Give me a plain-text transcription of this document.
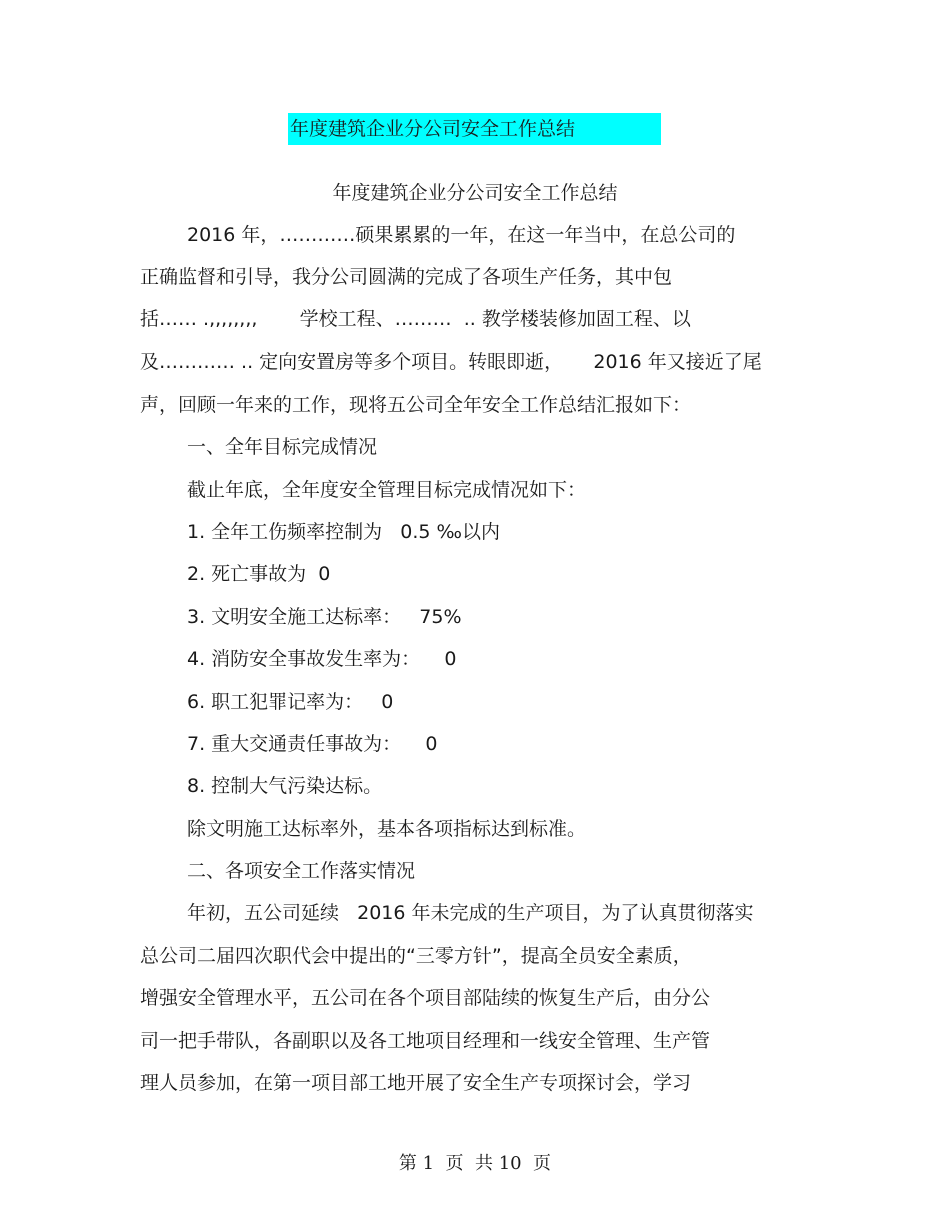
年度建筑企业分公司安全工作总结
年度建筑企业分公司安全工作总结
2016 年，…………硕果累累的一年，在这一年当中，在总公司的
正确监督和引导，我分公司圆满的完成了各项生产任务，其中包
括…… .,,,,,,,,       学校工程、………  .. 教学楼装修加固工程、以
及………… .. 定向安置房等多个项目。转眼即逝，     2016 年又接近了尾
声，回顾一年来的工作，现将五公司全年安全工作总结汇报如下：
一、全年目标完成情况
截止年底，全年度安全管理目标完成情况如下：
1. 全年工伤频率控制为   0.5 ‰以内
2. 死亡事故为  0
3. 文明安全施工达标率：   75%
4. 消防安全事故发生率为：    0
6. 职工犯罪记率为：   0
7. 重大交通责任事故为：    0
8. 控制大气污染达标。
除文明施工达标率外，基本各项指标达到标准。
二、各项安全工作落实情况
年初，五公司延续   2016 年未完成的生产项目，为了认真贯彻落实
总公司二届四次职代会中提出的“三零方针”，提高全员安全素质，
增强安全管理水平，五公司在各个项目部陆续的恢复生产后，由分公
司一把手带队，各副职以及各工地项目经理和一线安全管理、生产管
理人员参加，在第一项目部工地开展了安全生产专项探讨会，学习
第 1  页  共 10  页
